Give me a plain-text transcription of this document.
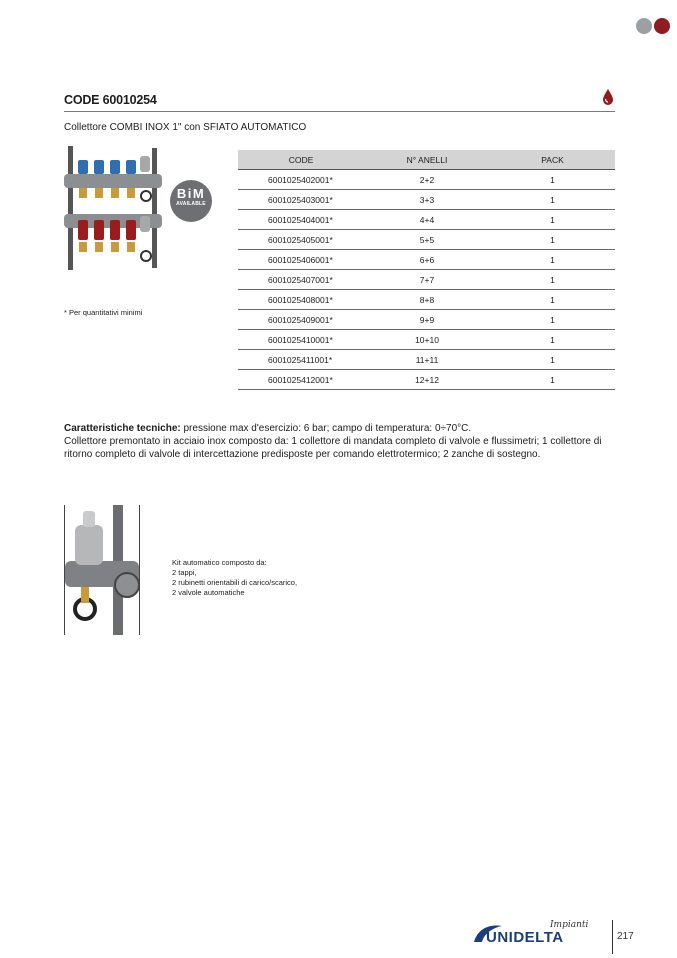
CODE 60010254
Collettore COMBI INOX 1" con SFIATO AUTOMATICO
BiM
AVAILABLE
* Per quantitativi minimi
CODE	N° ANELLI	PACK
6001025402001*	2+2	1
6001025403001*	3+3	1
6001025404001*	4+4	1
6001025405001*	5+5	1
6001025406001*	6+6	1
6001025407001*	7+7	1
6001025408001*	8+8	1
6001025409001*	9+9	1
6001025410001*	10+10	1
6001025411001*	11+11	1
6001025412001*	12+12	1

Caratteristiche tecniche: pressione max d'esercizio: 6 bar; campo di temperatura: 0÷70°C.

Collettore premontato in acciaio inox composto da: 1 collettore di mandata completo di valvole e flussimetri; 1 collettore di ritorno completo di valvole di intercettazione predisposte per comando elettrotermico; 2 zanche di sostegno.

Kit automatico composto da:
2 tappi,
2 rubinetti orientabili di carico/scarico,
2 valvole automatiche
Impianti
UNIDELTA	217
